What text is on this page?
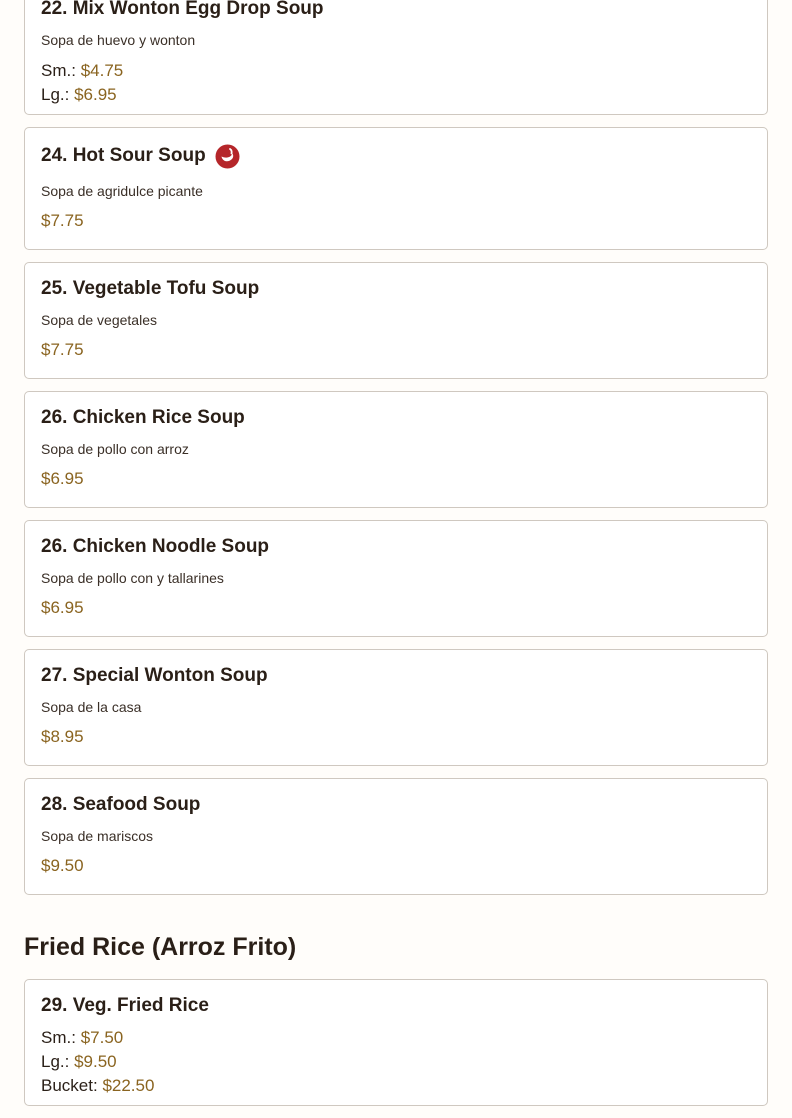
22. Mix Wonton Egg Drop Soup
Sopa de huevo y wonton
Sm.: $4.75
Lg.: $6.95
24. Hot Sour Soup
Sopa de agridulce picante
$7.75
25. Vegetable Tofu Soup
Sopa de vegetales
$7.75
26. Chicken Rice Soup
Sopa de pollo con arroz
$6.95
26. Chicken Noodle Soup
Sopa de pollo con y tallarines
$6.95
27. Special Wonton Soup
Sopa de la casa
$8.95
28. Seafood Soup
Sopa de mariscos
$9.50
Fried Rice (Arroz Frito)
29. Veg. Fried Rice
Sm.: $7.50
Lg.: $9.50
Bucket: $22.50
